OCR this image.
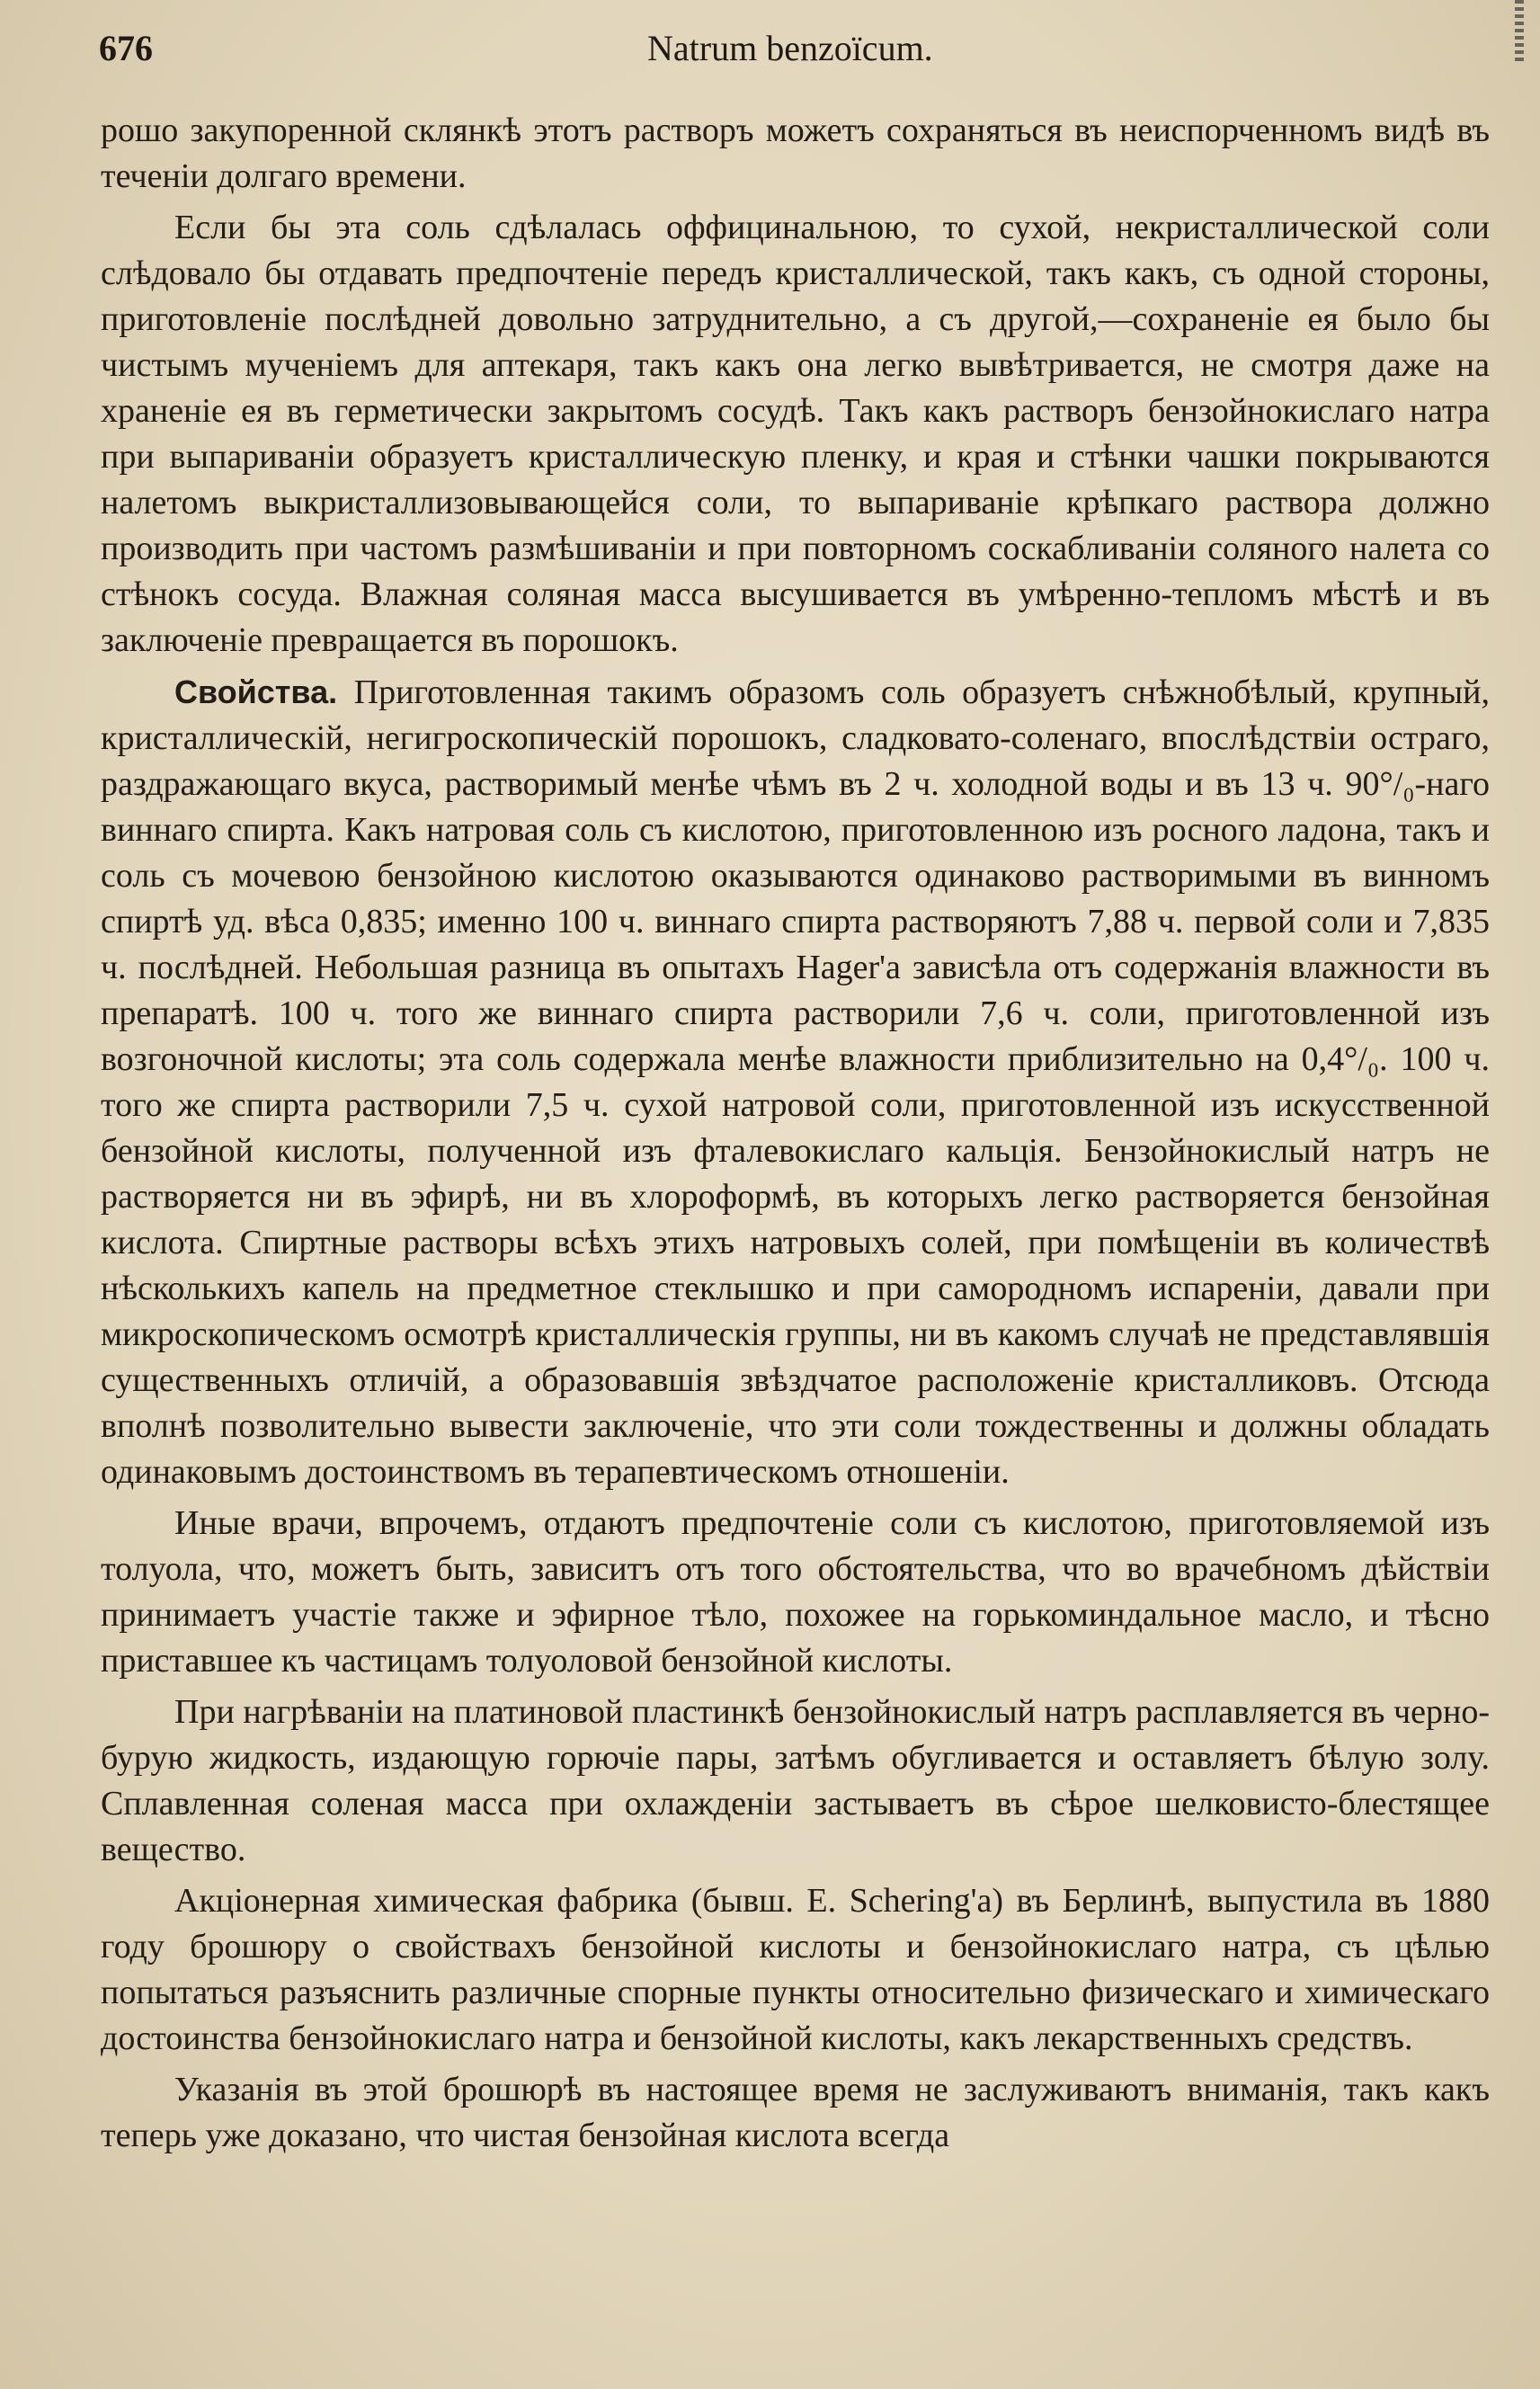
676	Natrum benzoïcum.

рошо закупоренной склянкѣ этотъ растворъ можетъ сохраняться въ неиспорченномъ видѣ въ теченіи долгаго времени.

Если бы эта соль сдѣлалась оффицинальною, то сухой, некристаллической соли слѣдовало бы отдавать предпочтеніе передъ кристаллической, такъ какъ, съ одной стороны, приготовленіе послѣдней довольно затруднительно, а съ другой,—сохраненіе ея было бы чистымъ мученіемъ для аптекаря, такъ какъ она легко вывѣтривается, не смотря даже на храненіе ея въ герметически закрытомъ сосудѣ. Такъ какъ растворъ бензойнокислаго натра при выпариваніи образуетъ кристаллическую пленку, и края и стѣнки чашки покрываются налетомъ выкристаллизовывающейся соли, то выпариваніе крѣпкаго раствора должно производить при частомъ размѣшиваніи и при повторномъ соскабливаніи соляного налета со стѣнокъ сосуда. Влажная соляная масса высушивается въ умѣренно-тепломъ мѣстѣ и въ заключеніе превращается въ порошокъ.

Свойства. Приготовленная такимъ образомъ соль образуетъ снѣжнобѣлый, крупный, кристаллическій, негигроскопическій порошокъ, сладковато-соленаго, впослѣдствіи остраго, раздражающаго вкуса, растворимый менѣе чѣмъ въ 2 ч. холодной воды и въ 13 ч. 90°/₀-наго виннаго спирта. Какъ натровая соль съ кислотою, приготовленною изъ росного ладона, такъ и соль съ мочевою бензойною кислотою оказываются одинаково растворимыми въ винномъ спиртѣ уд. вѣса 0,835; именно 100 ч. виннаго спирта растворяютъ 7,88 ч. первой соли и 7,835 ч. послѣдней. Небольшая разница въ опытахъ Hager'а зависѣла отъ содержанія влажности въ препаратѣ. 100 ч. того же виннаго спирта растворили 7,6 ч. соли, приготовленной изъ возгоночной кислоты; эта соль содержала менѣе влажности приблизительно на 0,4°/₀. 100 ч. того же спирта растворили 7,5 ч. сухой натровой соли, приготовленной изъ искусственной бензойной кислоты, полученной изъ фталевокислаго кальція. Бензойнокислый натръ не растворяется ни въ эфирѣ, ни въ хлороформѣ, въ которыхъ легко растворяется бензойная кислота. Спиртные растворы всѣхъ этихъ натровыхъ солей, при помѣщеніи въ количествѣ нѣсколькихъ капель на предметное стеклышко и при самородномъ испареніи, давали при микроскопическомъ осмотрѣ кристаллическія группы, ни въ какомъ случаѣ не представлявшія существенныхъ отличій, а образовавшія звѣздчатое расположеніе кристалликовъ. Отсюда вполнѣ позволительно вывести заключеніе, что эти соли тождественны и должны обладать одинаковымъ достоинствомъ въ терапевтическомъ отношеніи.

Иные врачи, впрочемъ, отдаютъ предпочтеніе соли съ кислотою, приготовляемой изъ толуола, что, можетъ быть, зависитъ отъ того обстоятельства, что во врачебномъ дѣйствіи принимаетъ участіе также и эфирное тѣло, похожее на горькоминдальное масло, и тѣсно приставшее къ частицамъ толуоловой бензойной кислоты.

При нагрѣваніи на платиновой пластинкѣ бензойнокислый натръ расплавляется въ черно-бурую жидкость, издающую горючіе пары, затѣмъ обугливается и оставляетъ бѣлую золу. Сплавленная соленая масса при охлажденіи застываетъ въ сѣрое шелковисто-блестящее вещество.

Акціонерная химическая фабрика (бывш. E. Schering'а) въ Берлинѣ, выпустила въ 1880 году брошюру о свойствахъ бензойной кислоты и бензойнокислаго натра, съ цѣлью попытаться разъяснить различные спорные пункты относительно физическаго и химическаго достоинства бензойнокислаго натра и бензойной кислоты, какъ лекарственныхъ средствъ.

Указанія въ этой брошюрѣ въ настоящее время не заслуживаютъ вниманія, такъ какъ теперь уже доказано, что чистая бензойная кислота всегда
